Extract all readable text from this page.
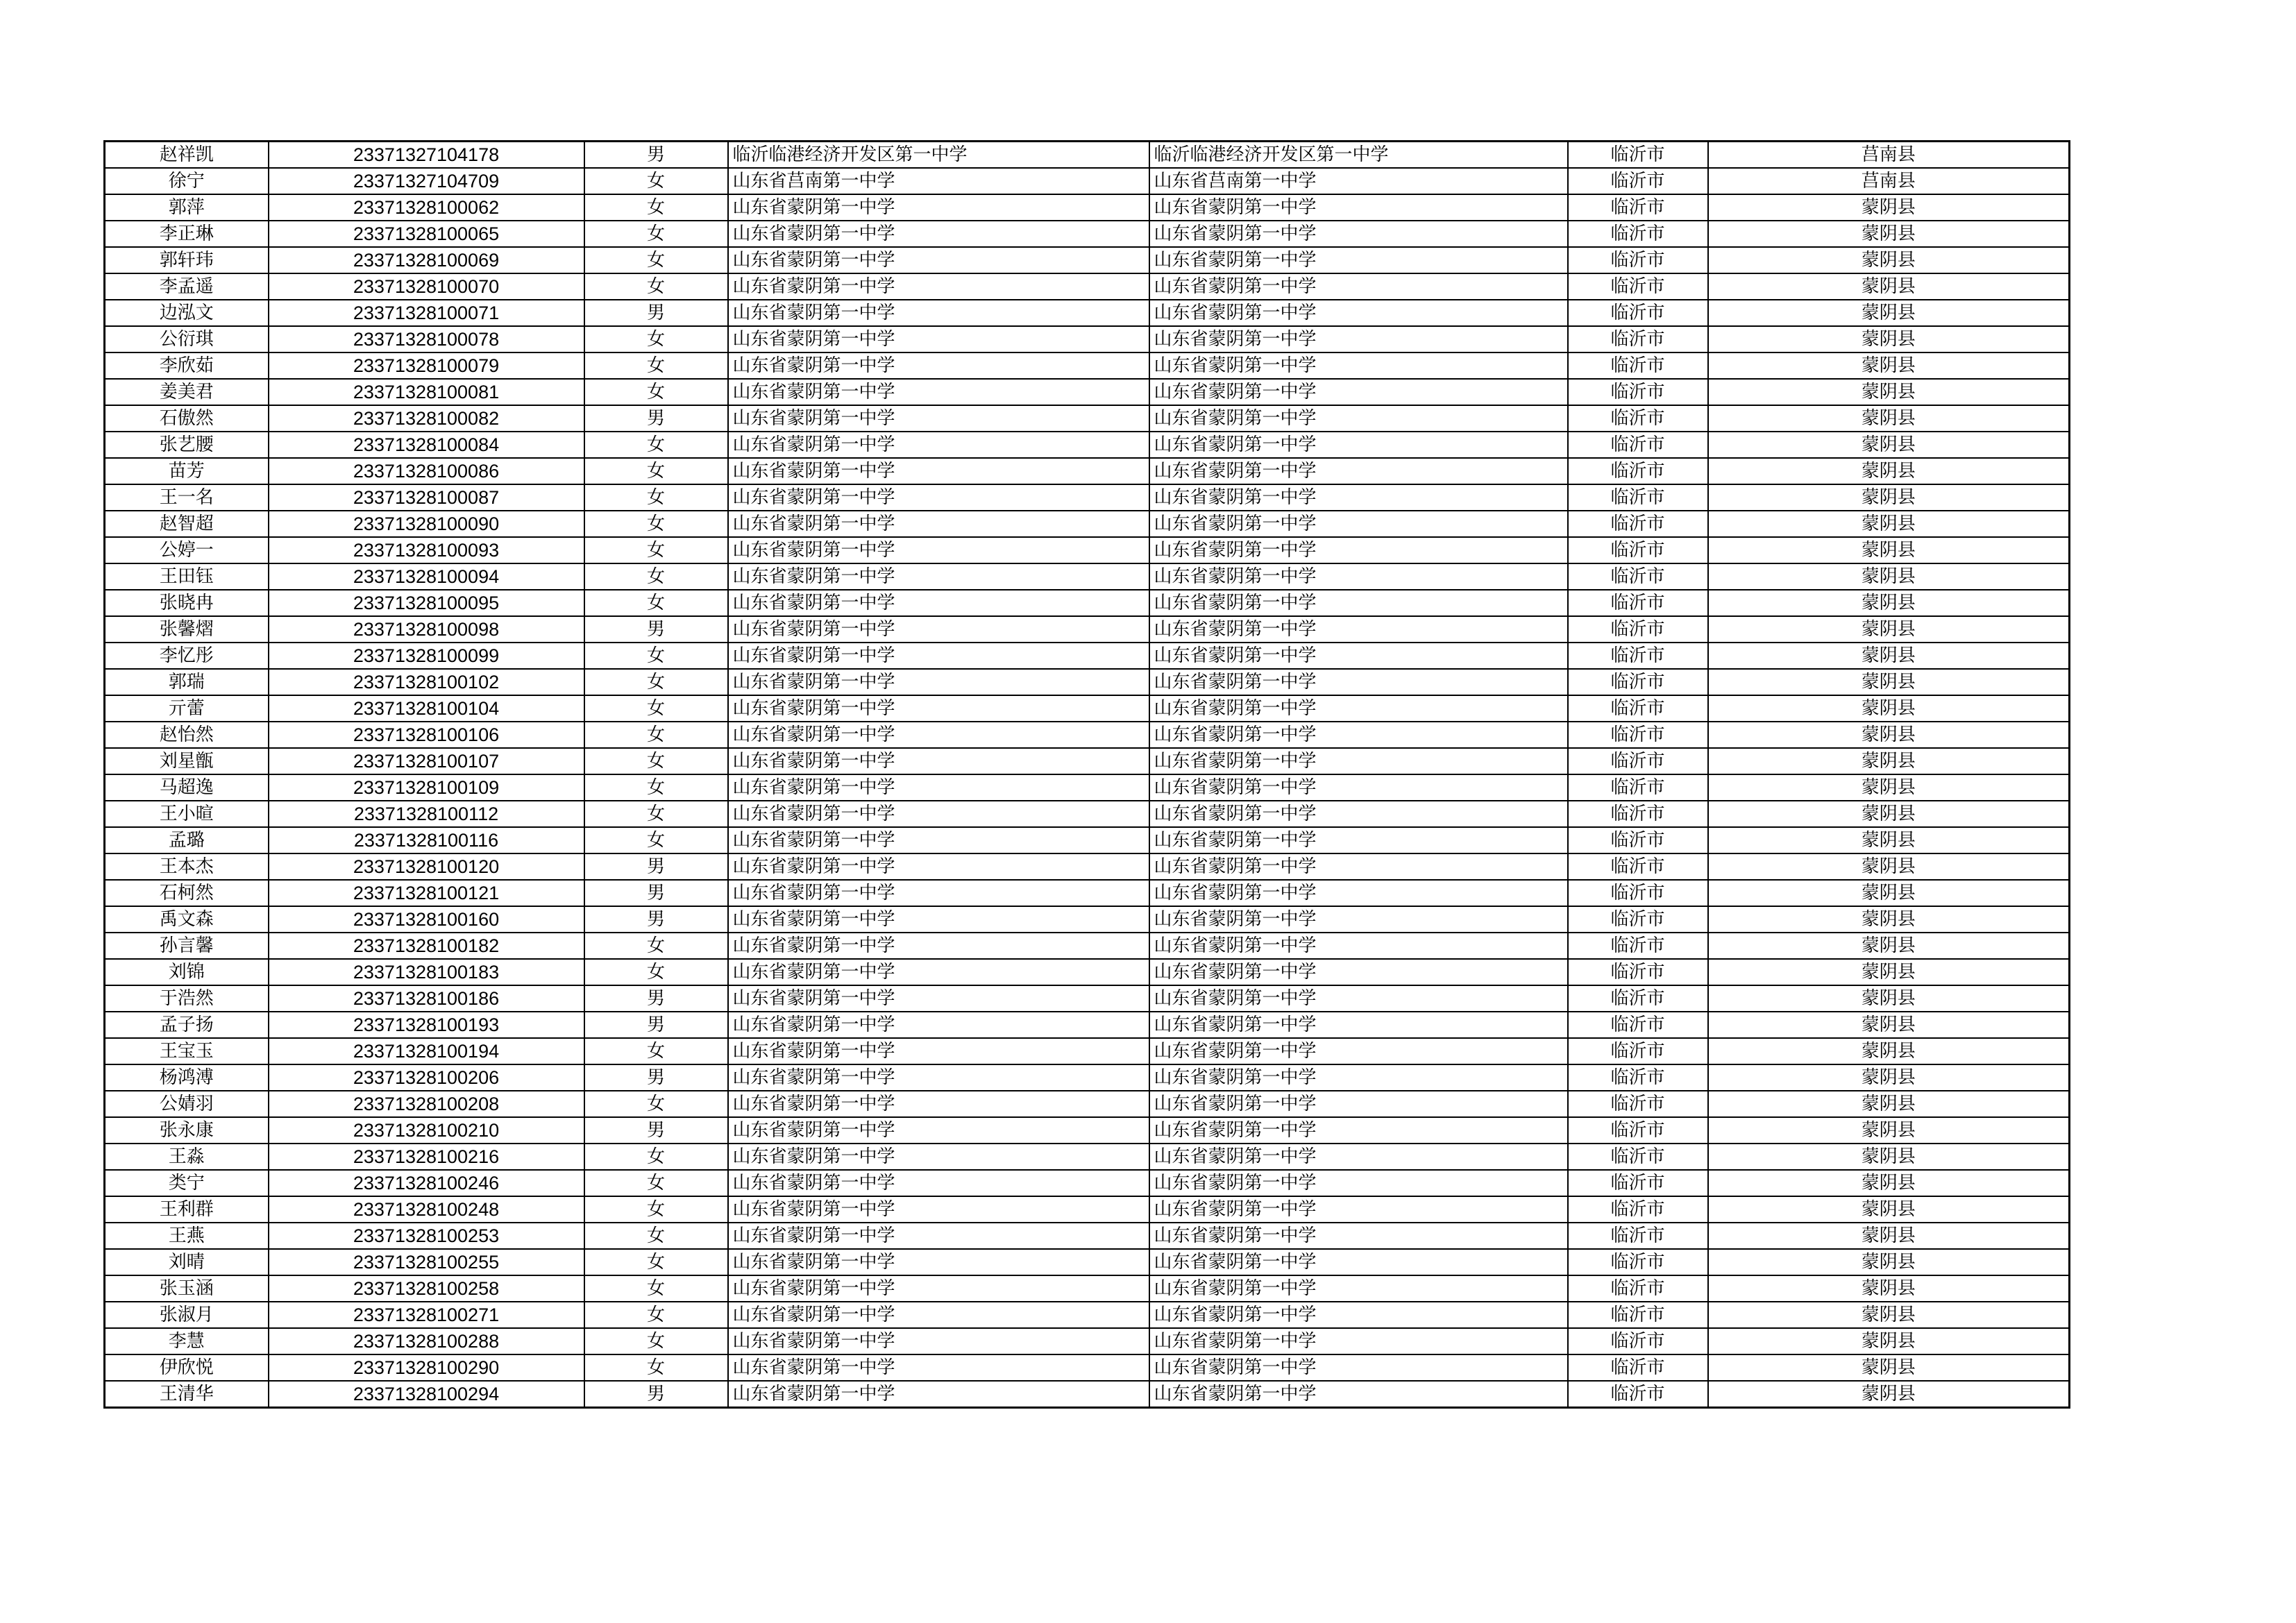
赵祥凯	23371327104178	男	临沂临港经济开发区第一中学	临沂临港经济开发区第一中学	临沂市	莒南县
徐宁	23371327104709	女	山东省莒南第一中学	山东省莒南第一中学	临沂市	莒南县
郭萍	23371328100062	女	山东省蒙阴第一中学	山东省蒙阴第一中学	临沂市	蒙阴县
李正琳	23371328100065	女	山东省蒙阴第一中学	山东省蒙阴第一中学	临沂市	蒙阴县
郭轩玮	23371328100069	女	山东省蒙阴第一中学	山东省蒙阴第一中学	临沂市	蒙阴县
李孟遥	23371328100070	女	山东省蒙阴第一中学	山东省蒙阴第一中学	临沂市	蒙阴县
边泓文	23371328100071	男	山东省蒙阴第一中学	山东省蒙阴第一中学	临沂市	蒙阴县
公衍琪	23371328100078	女	山东省蒙阴第一中学	山东省蒙阴第一中学	临沂市	蒙阴县
李欣茹	23371328100079	女	山东省蒙阴第一中学	山东省蒙阴第一中学	临沂市	蒙阴县
姜美君	23371328100081	女	山东省蒙阴第一中学	山东省蒙阴第一中学	临沂市	蒙阴县
石傲然	23371328100082	男	山东省蒙阴第一中学	山东省蒙阴第一中学	临沂市	蒙阴县
张艺腰	23371328100084	女	山东省蒙阴第一中学	山东省蒙阴第一中学	临沂市	蒙阴县
苗芳	23371328100086	女	山东省蒙阴第一中学	山东省蒙阴第一中学	临沂市	蒙阴县
王一名	23371328100087	女	山东省蒙阴第一中学	山东省蒙阴第一中学	临沂市	蒙阴县
赵智超	23371328100090	女	山东省蒙阴第一中学	山东省蒙阴第一中学	临沂市	蒙阴县
公婷一	23371328100093	女	山东省蒙阴第一中学	山东省蒙阴第一中学	临沂市	蒙阴县
王田钰	23371328100094	女	山东省蒙阴第一中学	山东省蒙阴第一中学	临沂市	蒙阴县
张晓冉	23371328100095	女	山东省蒙阴第一中学	山东省蒙阴第一中学	临沂市	蒙阴县
张馨熠	23371328100098	男	山东省蒙阴第一中学	山东省蒙阴第一中学	临沂市	蒙阴县
李忆彤	23371328100099	女	山东省蒙阴第一中学	山东省蒙阴第一中学	临沂市	蒙阴县
郭瑞	23371328100102	女	山东省蒙阴第一中学	山东省蒙阴第一中学	临沂市	蒙阴县
亓蕾	23371328100104	女	山东省蒙阴第一中学	山东省蒙阴第一中学	临沂市	蒙阴县
赵怡然	23371328100106	女	山东省蒙阴第一中学	山东省蒙阴第一中学	临沂市	蒙阴县
刘星甑	23371328100107	女	山东省蒙阴第一中学	山东省蒙阴第一中学	临沂市	蒙阴县
马超逸	23371328100109	女	山东省蒙阴第一中学	山东省蒙阴第一中学	临沂市	蒙阴县
王小暄	23371328100112	女	山东省蒙阴第一中学	山东省蒙阴第一中学	临沂市	蒙阴县
孟璐	23371328100116	女	山东省蒙阴第一中学	山东省蒙阴第一中学	临沂市	蒙阴县
王本杰	23371328100120	男	山东省蒙阴第一中学	山东省蒙阴第一中学	临沂市	蒙阴县
石柯然	23371328100121	男	山东省蒙阴第一中学	山东省蒙阴第一中学	临沂市	蒙阴县
禹文森	23371328100160	男	山东省蒙阴第一中学	山东省蒙阴第一中学	临沂市	蒙阴县
孙言馨	23371328100182	女	山东省蒙阴第一中学	山东省蒙阴第一中学	临沂市	蒙阴县
刘锦	23371328100183	女	山东省蒙阴第一中学	山东省蒙阴第一中学	临沂市	蒙阴县
于浩然	23371328100186	男	山东省蒙阴第一中学	山东省蒙阴第一中学	临沂市	蒙阴县
孟子扬	23371328100193	男	山东省蒙阴第一中学	山东省蒙阴第一中学	临沂市	蒙阴县
王宝玉	23371328100194	女	山东省蒙阴第一中学	山东省蒙阴第一中学	临沂市	蒙阴县
杨鸿溥	23371328100206	男	山东省蒙阴第一中学	山东省蒙阴第一中学	临沂市	蒙阴县
公婧羽	23371328100208	女	山东省蒙阴第一中学	山东省蒙阴第一中学	临沂市	蒙阴县
张永康	23371328100210	男	山东省蒙阴第一中学	山东省蒙阴第一中学	临沂市	蒙阴县
王淼	23371328100216	女	山东省蒙阴第一中学	山东省蒙阴第一中学	临沂市	蒙阴县
类宁	23371328100246	女	山东省蒙阴第一中学	山东省蒙阴第一中学	临沂市	蒙阴县
王利群	23371328100248	女	山东省蒙阴第一中学	山东省蒙阴第一中学	临沂市	蒙阴县
王燕	23371328100253	女	山东省蒙阴第一中学	山东省蒙阴第一中学	临沂市	蒙阴县
刘晴	23371328100255	女	山东省蒙阴第一中学	山东省蒙阴第一中学	临沂市	蒙阴县
张玉涵	23371328100258	女	山东省蒙阴第一中学	山东省蒙阴第一中学	临沂市	蒙阴县
张淑月	23371328100271	女	山东省蒙阴第一中学	山东省蒙阴第一中学	临沂市	蒙阴县
李慧	23371328100288	女	山东省蒙阴第一中学	山东省蒙阴第一中学	临沂市	蒙阴县
伊欣悦	23371328100290	女	山东省蒙阴第一中学	山东省蒙阴第一中学	临沂市	蒙阴县
王清华	23371328100294	男	山东省蒙阴第一中学	山东省蒙阴第一中学	临沂市	蒙阴县
